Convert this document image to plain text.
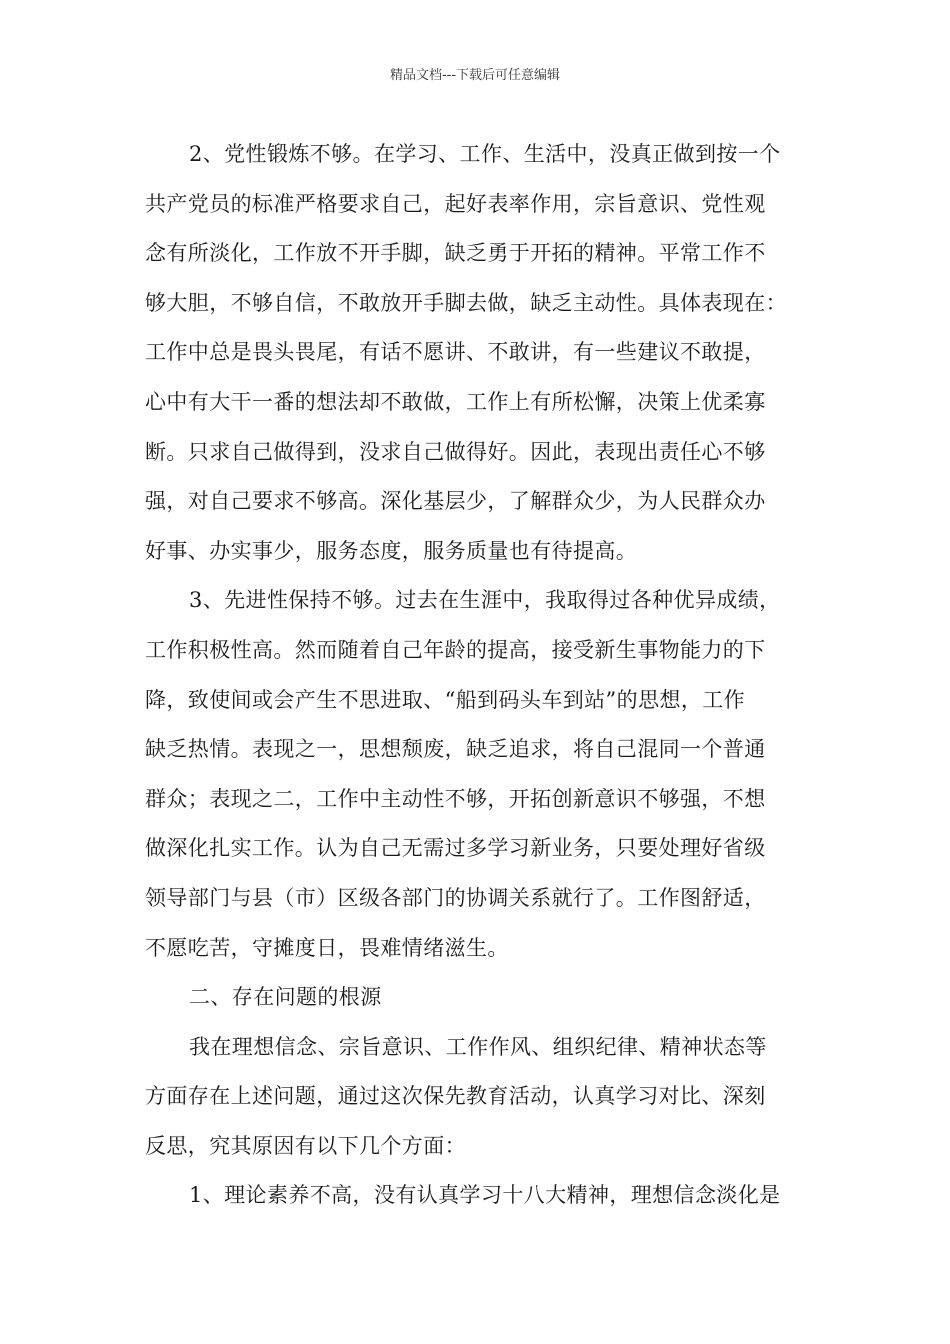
精品文档---下载后可任意编辑
2、党性锻炼不够。在学习、工作、生活中，没真正做到按一个
共产党员的标准严格要求自己，起好表率作用，宗旨意识、党性观
念有所淡化，工作放不开手脚，缺乏勇于开拓的精神。平常工作不
够大胆，不够自信，不敢放开手脚去做，缺乏主动性。具体表现在：
工作中总是畏头畏尾，有话不愿讲、不敢讲，有一些建议不敢提，
心中有大干一番的想法却不敢做，工作上有所松懈，决策上优柔寡
断。只求自己做得到，没求自己做得好。因此，表现出责任心不够
强，对自己要求不够高。深化基层少，了解群众少，为人民群众办
好事、办实事少，服务态度，服务质量也有待提高。
3、先进性保持不够。过去在生涯中，我取得过各种优异成绩，
工作积极性高。然而随着自己年龄的提高，接受新生事物能力的下
降，致使间或会产生不思进取、“船到码头车到站”的思想，工作
缺乏热情。表现之一，思想颓废，缺乏追求，将自己混同一个普通
群众；表现之二，工作中主动性不够，开拓创新意识不够强，不想
做深化扎实工作。认为自己无需过多学习新业务，只要处理好省级
领导部门与县（市）区级各部门的协调关系就行了。工作图舒适，
不愿吃苦，守摊度日，畏难情绪滋生。
二、存在问题的根源
我在理想信念、宗旨意识、工作作风、组织纪律、精神状态等
方面存在上述问题，通过这次保先教育活动，认真学习对比、深刻
反思，究其原因有以下几个方面：
1、理论素养不高，没有认真学习十八大精神，理想信念淡化是
